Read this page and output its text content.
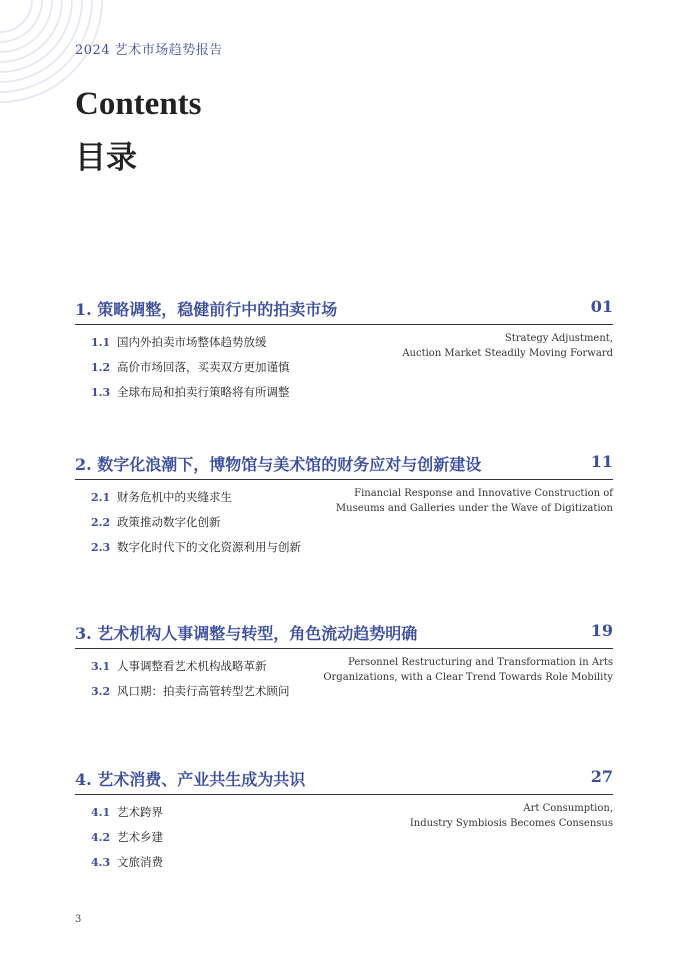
2024 艺术市场趋势报告
Contents
目录
1. 策略调整，稳健前行中的拍卖市场	01
Strategy Adjustment,
Auction Market Steadily Moving Forward
1.1 国内外拍卖市场整体趋势放缓
1.2 高价市场回落，买卖双方更加谨慎
1.3 全球布局和拍卖行策略将有所调整
2. 数字化浪潮下，博物馆与美术馆的财务应对与创新建设	11
Financial Response and Innovative Construction of
Museums and Galleries under the Wave of Digitization
2.1 财务危机中的夹缝求生
2.2 政策推动数字化创新
2.3 数字化时代下的文化资源利用与创新
3. 艺术机构人事调整与转型，角色流动趋势明确	19
Personnel Restructuring and Transformation in Arts
Organizations, with a Clear Trend Towards Role Mobility
3.1 人事调整看艺术机构战略革新
3.2 风口期：拍卖行高管转型艺术顾问
4. 艺术消费、产业共生成为共识	27
Art Consumption,
Industry Symbiosis Becomes Consensus
4.1 艺术跨界
4.2 艺术乡建
4.3 文旅消费
3
